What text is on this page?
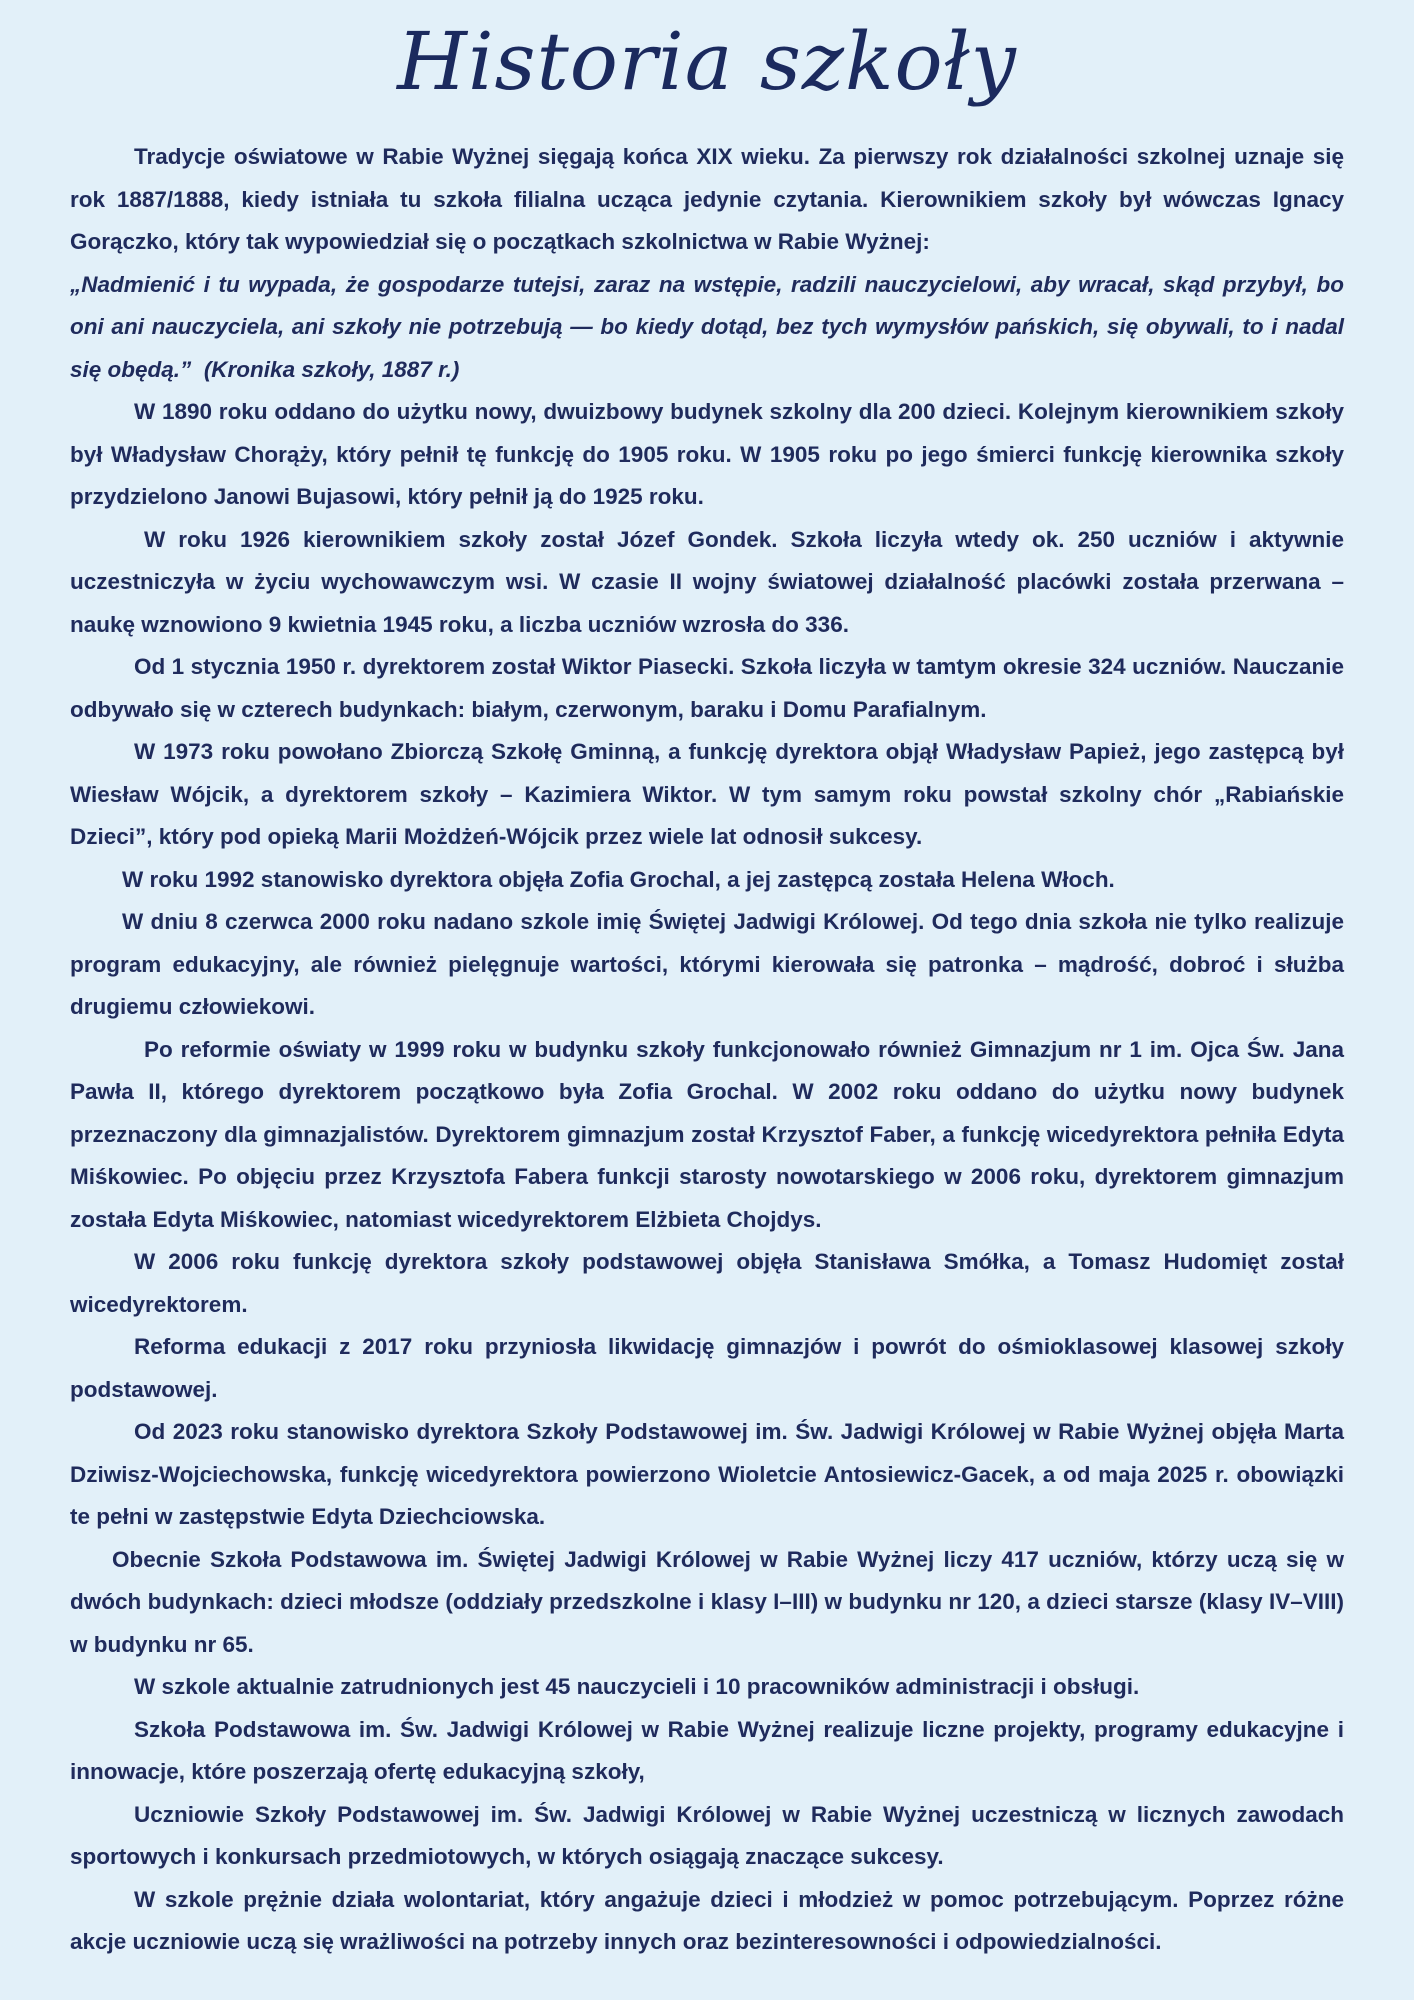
Historia szkoły

Tradycje oświatowe w Rabie Wyżnej sięgają końca XIX wieku. Za pierwszy rok działalności szkolnej uznaje się rok 1887/1888, kiedy istniała tu szkoła filialna ucząca jedynie czytania. Kierownikiem szkoły był wówczas Ignacy Gorączko, który tak wypowiedział się o początkach szkolnictwa w Rabie Wyżnej:

„Nadmienić i tu wypada, że gospodarze tutejsi, zaraz na wstępie, radzili nauczycielowi, aby wracał, skąd przybył, bo oni ani nauczyciela, ani szkoły nie potrzebują — bo kiedy dotąd, bez tych wymysłów pańskich, się obywali, to i nadal się obędą.” (Kronika szkoły, 1887 r.)

W 1890 roku oddano do użytku nowy, dwuizbowy budynek szkolny dla 200 dzieci. Kolejnym kierownikiem szkoły był Władysław Chorąży, który pełnił tę funkcję do 1905 roku. W 1905 roku po jego śmierci funkcję kierownika szkoły przydzielono Janowi Bujasowi, który pełnił ją do 1925 roku.

W roku 1926 kierownikiem szkoły został Józef Gondek. Szkoła liczyła wtedy ok. 250 uczniów i aktywnie uczestniczyła w życiu wychowawczym wsi. W czasie II wojny światowej działalność placówki została przerwana – naukę wznowiono 9 kwietnia 1945 roku, a liczba uczniów wzrosła do 336.

Od 1 stycznia 1950 r. dyrektorem został Wiktor Piasecki. Szkoła liczyła w tamtym okresie 324 uczniów. Nauczanie odbywało się w czterech budynkach: białym, czerwonym, baraku i Domu Parafialnym.

W 1973 roku powołano Zbiorczą Szkołę Gminną, a funkcję dyrektora objął Władysław Papież, jego zastępcą był Wiesław Wójcik, a dyrektorem szkoły – Kazimiera Wiktor. W tym samym roku powstał szkolny chór „Rabiańskie Dzieci”, który pod opieką Marii Możdżeń-Wójcik przez wiele lat odnosił sukcesy.

W roku 1992 stanowisko dyrektora objęła Zofia Grochal, a jej zastępcą została Helena Włoch.

W dniu 8 czerwca 2000 roku nadano szkole imię Świętej Jadwigi Królowej. Od tego dnia szkoła nie tylko realizuje program edukacyjny, ale również pielęgnuje wartości, którymi kierowała się patronka – mądrość, dobroć i służba drugiemu człowiekowi.

Po reformie oświaty w 1999 roku w budynku szkoły funkcjonowało również Gimnazjum nr 1 im. Ojca Św. Jana Pawła II, którego dyrektorem początkowo była Zofia Grochal. W 2002 roku oddano do użytku nowy budynek przeznaczony dla gimnazjalistów. Dyrektorem gimnazjum został Krzysztof Faber, a funkcję wicedyrektora pełniła Edyta Miśkowiec. Po objęciu przez Krzysztofa Fabera funkcji starosty nowotarskiego w 2006 roku, dyrektorem gimnazjum została Edyta Miśkowiec, natomiast wicedyrektorem Elżbieta Chojdys.

W 2006 roku funkcję dyrektora szkoły podstawowej objęła Stanisława Smółka, a Tomasz Hudomięt został wicedyrektorem.

Reforma edukacji z 2017 roku przyniosła likwidację gimnazjów i powrót do ośmioklasowej klasowej szkoły podstawowej.

Od 2023 roku stanowisko dyrektora Szkoły Podstawowej im. Św. Jadwigi Królowej w Rabie Wyżnej objęła Marta Dziwisz-Wojciechowska, funkcję wicedyrektora powierzono Wioletcie Antosiewicz-Gacek, a od maja 2025 r. obowiązki te pełni w zastępstwie Edyta Dziechciowska.

Obecnie Szkoła Podstawowa im. Świętej Jadwigi Królowej w Rabie Wyżnej liczy 417 uczniów, którzy uczą się w dwóch budynkach: dzieci młodsze (oddziały przedszkolne i klasy I–III) w budynku nr 120, a dzieci starsze (klasy IV–VIII) w budynku nr 65.

W szkole aktualnie zatrudnionych jest 45 nauczycieli i 10 pracowników administracji i obsługi.

Szkoła Podstawowa im. Św. Jadwigi Królowej w Rabie Wyżnej realizuje liczne projekty, programy edukacyjne i innowacje, które poszerzają ofertę edukacyjną szkoły,

Uczniowie Szkoły Podstawowej im. Św. Jadwigi Królowej w Rabie Wyżnej uczestniczą w licznych zawodach sportowych i konkursach przedmiotowych, w których osiągają znaczące sukcesy.

W szkole prężnie działa wolontariat, który angażuje dzieci i młodzież w pomoc potrzebującym. Poprzez różne akcje uczniowie uczą się wrażliwości na potrzeby innych oraz bezinteresowności i odpowiedzialności.
